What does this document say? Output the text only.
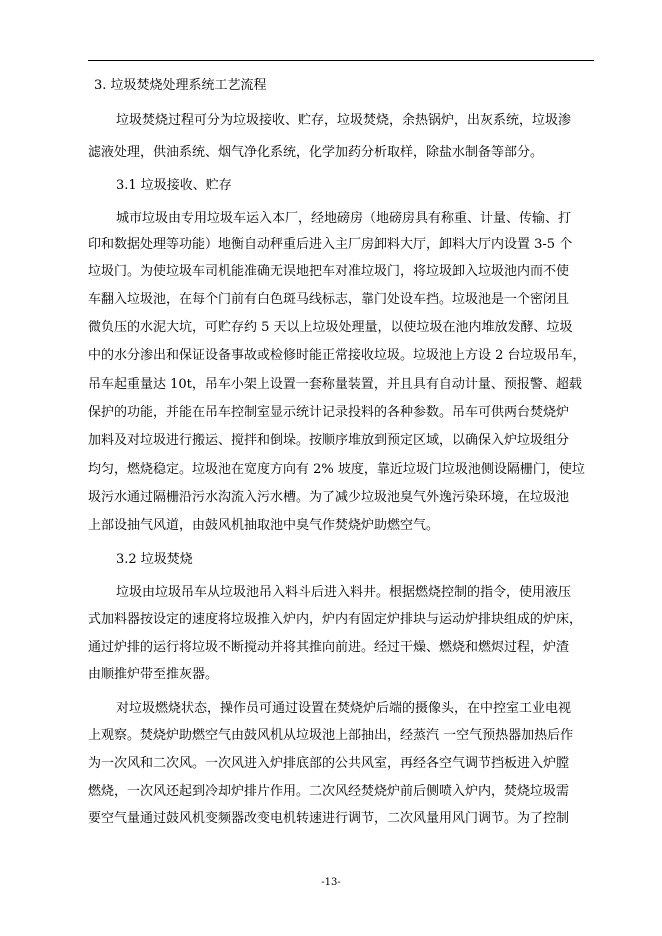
3. 垃圾焚烧处理系统工艺流程
垃圾焚烧过程可分为垃圾接收、贮存，垃圾焚烧，余热锅炉，出灰系统，垃圾渗
滤液处理，供油系统、烟气净化系统，化学加药分析取样，除盐水制备等部分。
3.1 垃圾接收、贮存
城市垃圾由专用垃圾车运入本厂，经地磅房（地磅房具有称重、计量、传输、打
印和数据处理等功能）地衡自动秤重后进入主厂房卸料大厅，卸料大厅内设置 3-5 个
垃圾门。为使垃圾车司机能准确无误地把车对准垃圾门，将垃圾卸入垃圾池内而不使
车翻入垃圾池，在每个门前有白色斑马线标志，靠门处设车挡。垃圾池是一个密闭且
微负压的水泥大坑，可贮存约 5 天以上垃圾处理量，以使垃圾在池内堆放发酵、垃圾
中的水分渗出和保证设备事故或检修时能正常接收垃圾。垃圾池上方设 2 台垃圾吊车，
吊车起重量达 10t，吊车小架上设置一套称量装置，并且具有自动计量、预报警、超载
保护的功能，并能在吊车控制室显示统计记录投料的各种参数。吊车可供两台焚烧炉
加料及对垃圾进行搬运、搅拌和倒垛。按顺序堆放到预定区域，以确保入炉垃圾组分
均匀，燃烧稳定。垃圾池在宽度方向有 2% 坡度，靠近垃圾门垃圾池侧设隔栅门，使垃
圾污水通过隔栅沿污水沟流入污水槽。为了减少垃圾池臭气外逸污染环境，在垃圾池
上部设抽气风道，由鼓风机抽取池中臭气作焚烧炉助燃空气。
3.2 垃圾焚烧
垃圾由垃圾吊车从垃圾池吊入料斗后进入料井。根据燃烧控制的指令，使用液压
式加料器按设定的速度将垃圾推入炉内，炉内有固定炉排块与运动炉排块组成的炉床，
通过炉排的运行将垃圾不断搅动并将其推向前进。经过干燥、燃烧和燃烬过程，炉渣
由顺推炉带至推灰器。
对垃圾燃烧状态，操作员可通过设置在焚烧炉后端的摄像头，在中控室工业电视
上观察。焚烧炉助燃空气由鼓风机从垃圾池上部抽出，经蒸汽 一空气预热器加热后作
为一次风和二次风。一次风进入炉排底部的公共风室，再经各空气调节挡板进入炉膛
燃烧，一次风还起到冷却炉排片作用。二次风经焚烧炉前后侧喷入炉内，焚烧垃圾需
要空气量通过鼓风机变频器改变电机转速进行调节，二次风量用风门调节。为了控制
-13-
